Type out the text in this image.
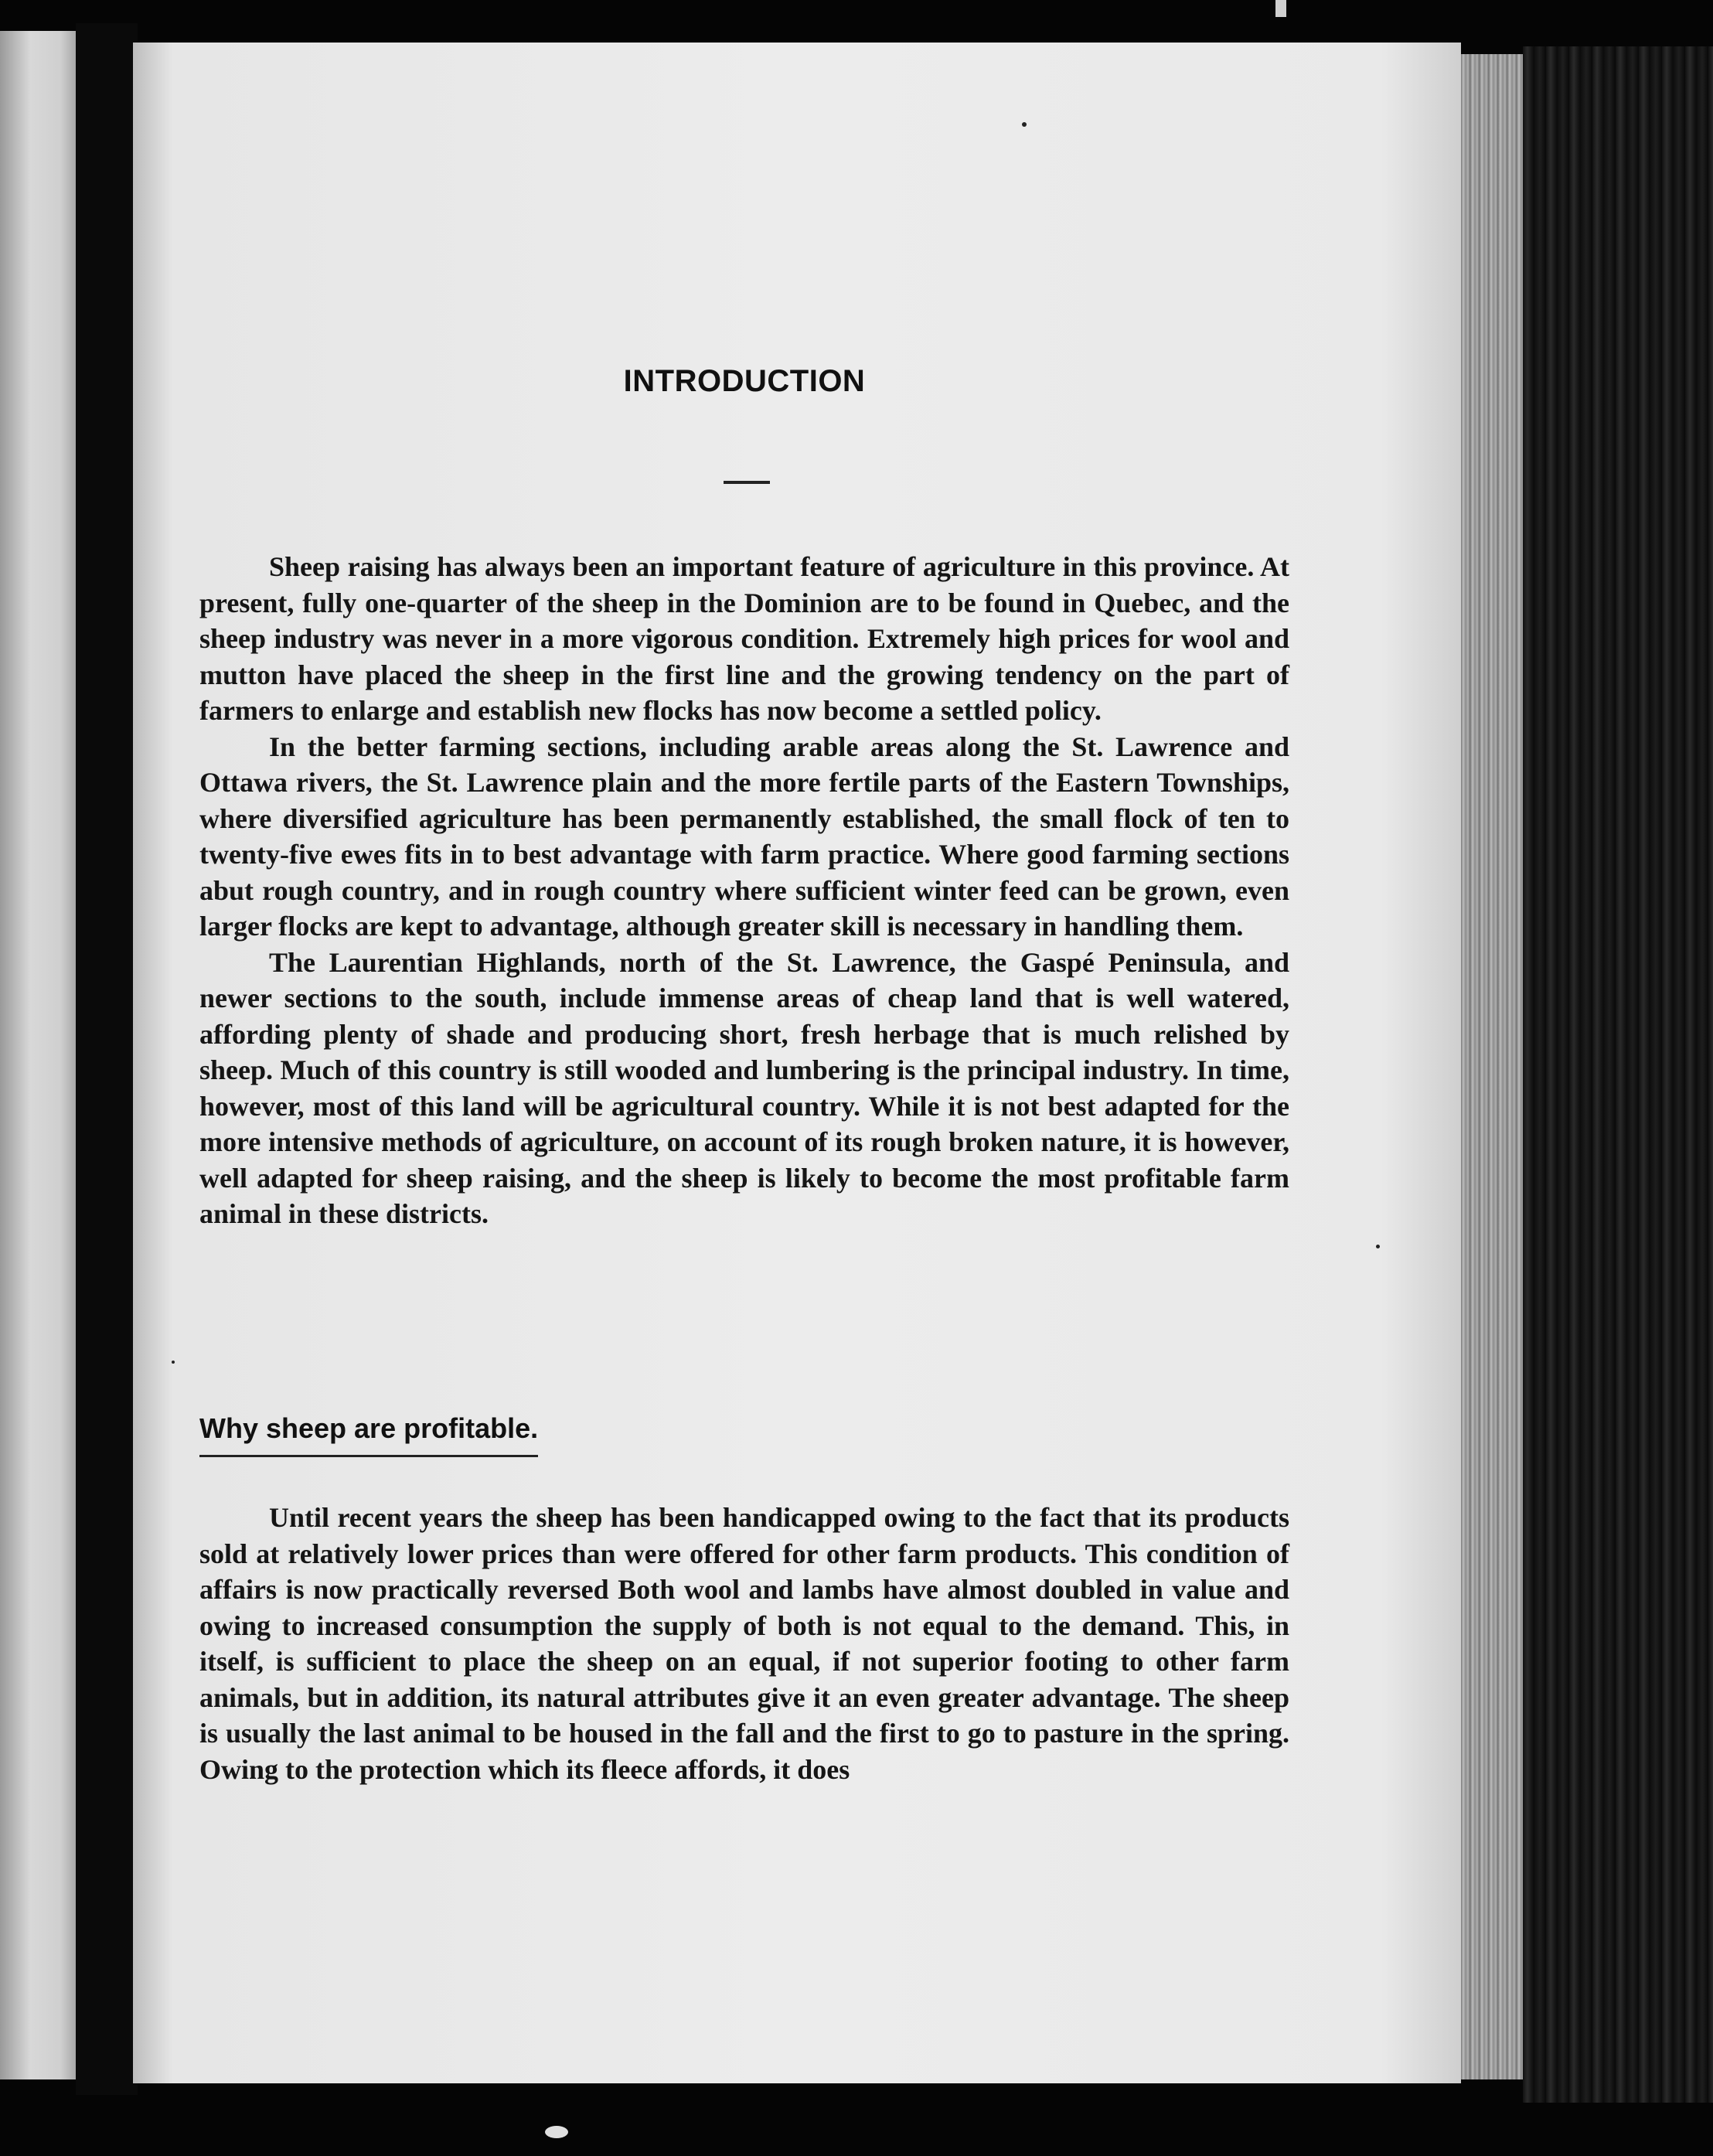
INTRODUCTION

Sheep raising has always been an important feature of agriculture in this province. At present, fully one-quarter of the sheep in the Dominion are to be found in Quebec, and the sheep industry was never in a more vigorous condition. Extremely high prices for wool and mutton have placed the sheep in the first line and the growing tendency on the part of farmers to enlarge and establish new flocks has now become a settled policy.

In the better farming sections, including arable areas along the St. Lawrence and Ottawa rivers, the St. Lawrence plain and the more fertile parts of the Eastern Townships, where diversified agriculture has been permanently established, the small flock of ten to twenty-five ewes fits in to best advantage with farm practice. Where good farming sections abut rough country, and in rough country where sufficient winter feed can be grown, even larger flocks are kept to advantage, although greater skill is necessary in handling them.

The Laurentian Highlands, north of the St. Lawrence, the Gaspé Peninsula, and newer sections to the south, include immense areas of cheap land that is well watered, affording plenty of shade and producing short, fresh herbage that is much relished by sheep. Much of this country is still wooded and lumbering is the principal industry. In time, however, most of this land will be agricultural country. While it is not best adapted for the more intensive methods of agriculture, on account of its rough broken nature, it is however, well adapted for sheep raising, and the sheep is likely to become the most profitable farm animal in these districts.

Why sheep are profitable.

Until recent years the sheep has been handicapped owing to the fact that its products sold at relatively lower prices than were offered for other farm products. This condition of affairs is now practically reversed Both wool and lambs have almost doubled in value and owing to increased consumption the supply of both is not equal to the demand. This, in itself, is sufficient to place the sheep on an equal, if not superior footing to other farm animals, but in addition, its natural attributes give it an even greater advantage. The sheep is usually the last animal to be housed in the fall and the first to go to pasture in the spring. Owing to the protection which its fleece affords, it does
